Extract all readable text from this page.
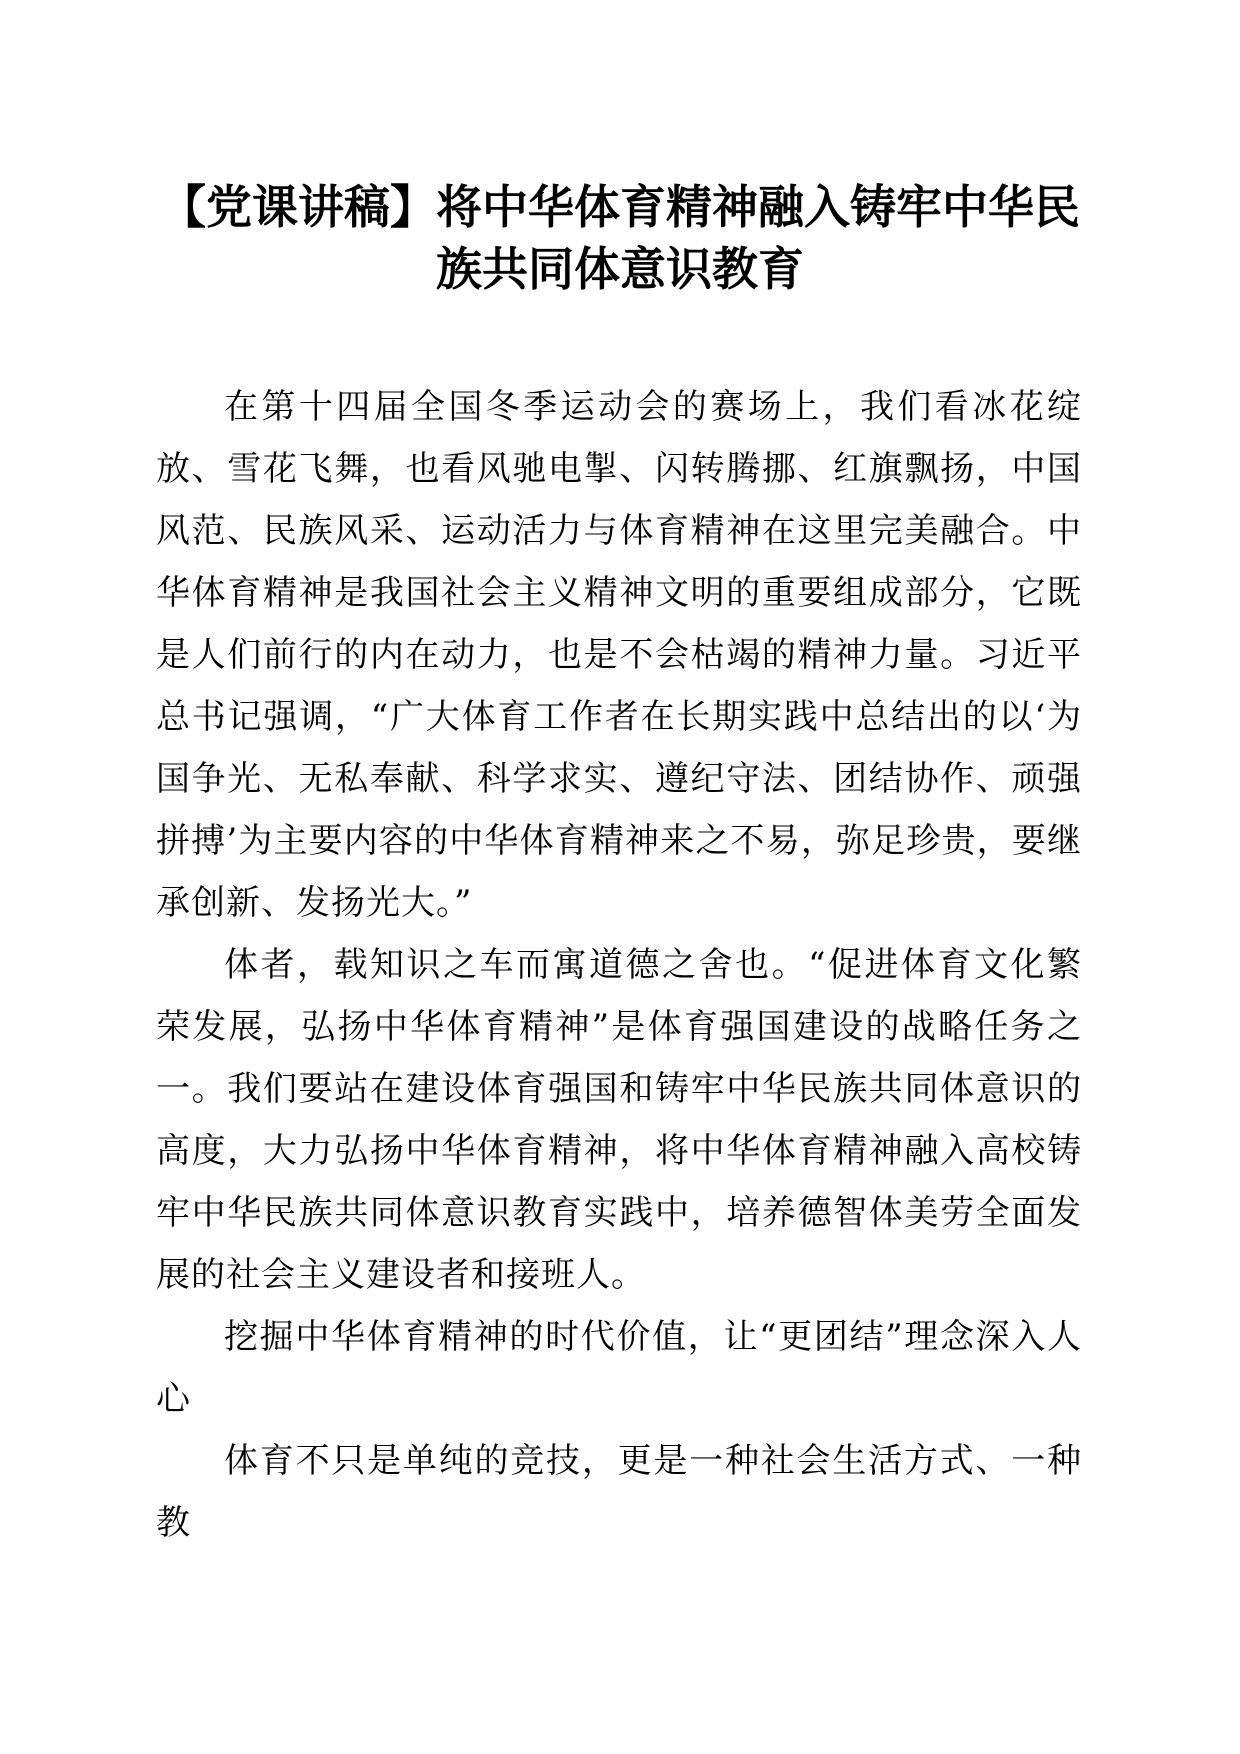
【党课讲稿】将中华体育精神融入铸牢中华民族共同体意识教育

在第十四届全国冬季运动会的赛场上，我们看冰花绽放、雪花飞舞，也看风驰电掣、闪转腾挪、红旗飘扬，中国风范、民族风采、运动活力与体育精神在这里完美融合。中华体育精神是我国社会主义精神文明的重要组成部分，它既是人们前行的内在动力，也是不会枯竭的精神力量。习近平总书记强调，“广大体育工作者在长期实践中总结出的以‘为国争光、无私奉献、科学求实、遵纪守法、团结协作、顽强拼搏’为主要内容的中华体育精神来之不易，弥足珍贵，要继承创新、发扬光大。”

体者，载知识之车而寓道德之舍也。“促进体育文化繁荣发展，弘扬中华体育精神”是体育强国建设的战略任务之一。我们要站在建设体育强国和铸牢中华民族共同体意识的高度，大力弘扬中华体育精神，将中华体育精神融入高校铸牢中华民族共同体意识教育实践中，培养德智体美劳全面发展的社会主义建设者和接班人。

挖掘中华体育精神的时代价值，让“更团结”理念深入人心

体育不只是单纯的竞技，更是一种社会生活方式、一种教
